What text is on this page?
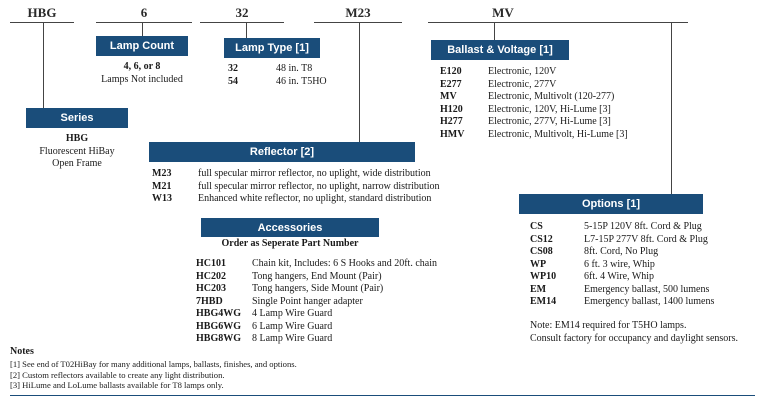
HBG	6	32	M23	MV
Series
HBG
Fluorescent HiBay
Open Frame
Lamp Count
4, 6, or 8
Lamps Not included
Lamp Type [1]
32	48 in. T8
54	46 in. T5HO
Ballast & Voltage [1]
E120	Electronic, 120V
E277	Electronic, 277V
MV	Electronic, Multivolt (120-277)
H120	Electronic, 120V, Hi-Lume [3]
H277	Electronic, 277V, Hi-Lume [3]
HMV	Electronic, Multivolt, Hi-Lume [3]
Reflector [2]
M23	full specular mirror reflector, no uplight, wide distribution
M21	full specular mirror reflector, no uplight, narrow distribution
W13	Enhanced white reflector, no uplight, standard distribution
Accessories
Order as Seperate Part Number
HC101	Chain kit, Includes: 6 S Hooks and 20ft. chain
HC202	Tong hangers, End Mount (Pair)
HC203	Tong hangers, Side Mount (Pair)
7HBD	Single Point hanger adapter
HBG4WG	4 Lamp Wire Guard
HBG6WG	6 Lamp Wire Guard
HBG8WG	8 Lamp Wire Guard
Options [1]
CS	5-15P 120V 8ft. Cord & Plug
CS12	L7-15P 277V 8ft. Cord & Plug
CS08	8ft. Cord, No Plug
WP	6 ft. 3 wire, Whip
WP10	6ft. 4 Wire, Whip
EM	Emergency ballast, 500 lumens
EM14	Emergency ballast, 1400 lumens
Note: EM14 required for T5HO lamps.
Consult factory for occupancy and daylight sensors.
Notes
[1] See end of T02HiBay for many additional lamps, ballasts, finishes, and options.
[2] Custom reflectors available to create any light distribution.
[3] HiLume and LoLume ballasts available for T8 lamps only.
